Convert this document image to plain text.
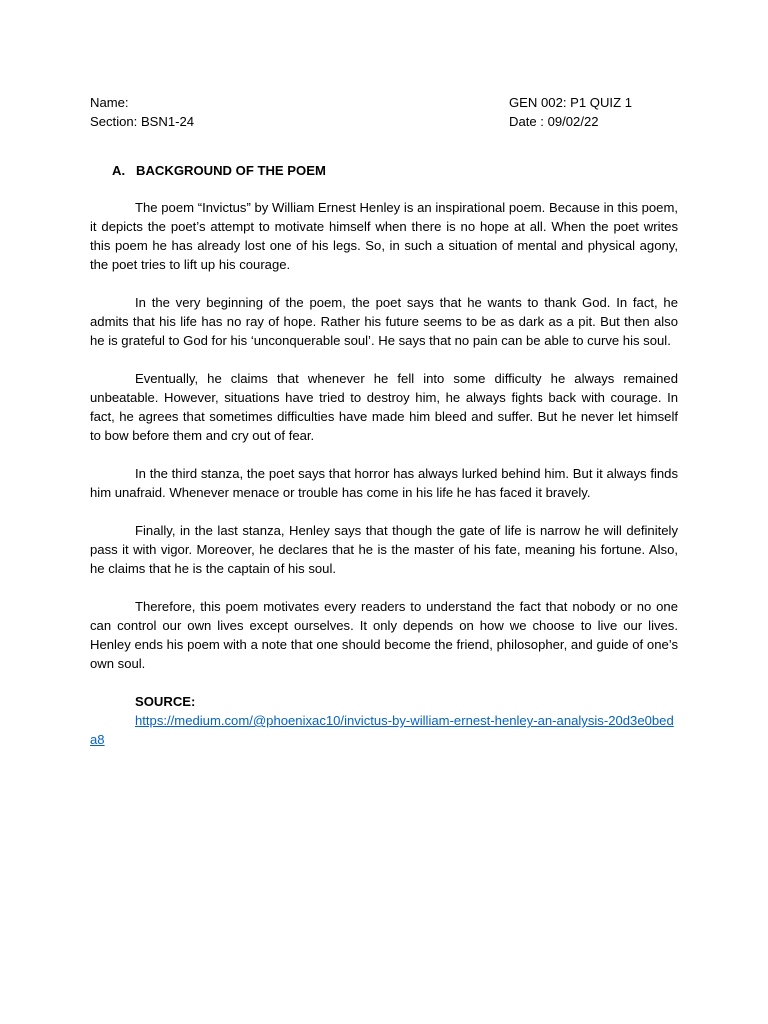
Name:	GEN 002: P1 QUIZ 1
Section: BSN1-24	Date : 09/02/22
A. BACKGROUND OF THE POEM

The poem “Invictus” by William Ernest Henley is an inspirational poem. Because in this poem, it depicts the poet’s attempt to motivate himself when there is no hope at all. When the poet writes this poem he has already lost one of his legs. So, in such a situation of mental and physical agony, the poet tries to lift up his courage.

In the very beginning of the poem, the poet says that he wants to thank God. In fact, he admits that his life has no ray of hope. Rather his future seems to be as dark as a pit. But then also he is grateful to God for his ‘unconquerable soul’. He says that no pain can be able to curve his soul.

Eventually, he claims that whenever he fell into some difficulty he always remained unbeatable. However, situations have tried to destroy him, he always fights back with courage. In fact, he agrees that sometimes difficulties have made him bleed and suffer. But he never let himself to bow before them and cry out of fear.

In the third stanza, the poet says that horror has always lurked behind him. But it always finds him unafraid. Whenever menace or trouble has come in his life he has faced it bravely.

Finally, in the last stanza, Henley says that though the gate of life is narrow he will definitely pass it with vigor. Moreover, he declares that he is the master of his fate, meaning his fortune. Also, he claims that he is the captain of his soul.

Therefore, this poem motivates every readers to understand the fact that nobody or no one can control our own lives except ourselves. It only depends on how we choose to live our lives. Henley ends his poem with a note that one should become the friend, philosopher, and guide of one’s own soul.

SOURCE:
https://medium.com/@phoenixac10/invictus-by-william-ernest-henley-an-analysis-20d3e0beda8
